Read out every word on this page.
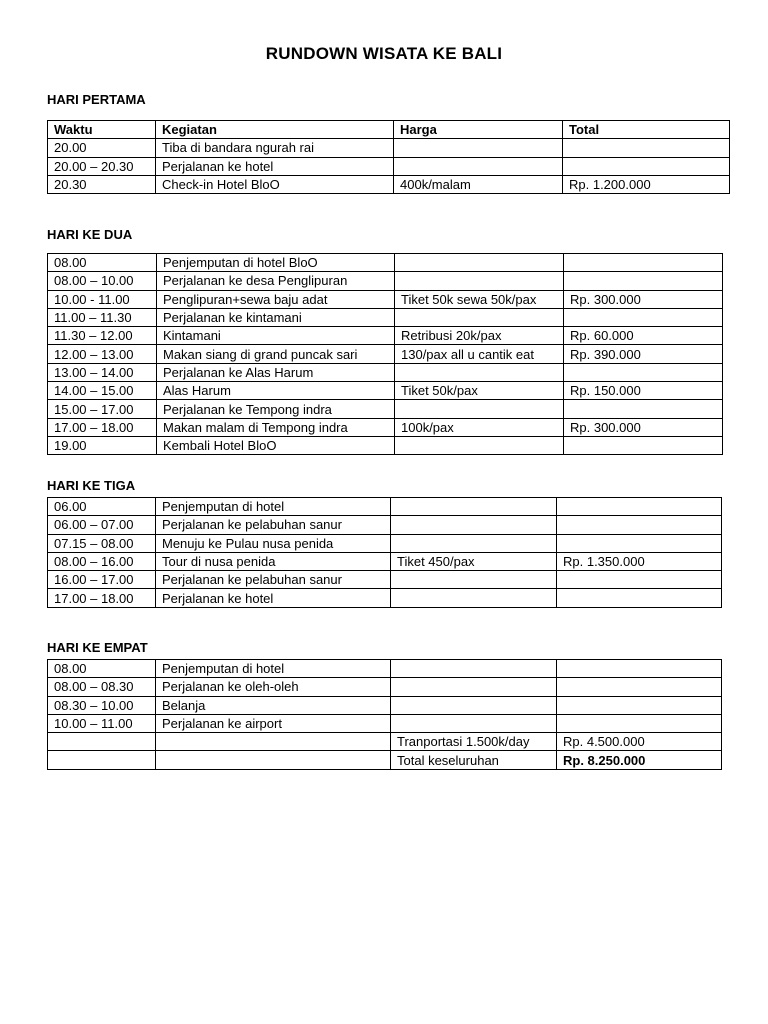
RUNDOWN WISATA KE BALI
HARI PERTAMA
Waktu	Kegiatan	Harga	Total
20.00	Tiba di bandara ngurah rai		
20.00 – 20.30	Perjalanan ke hotel		
20.30	Check-in Hotel BloO	400k/malam	Rp. 1.200.000
HARI KE DUA
08.00	Penjemputan di hotel BloO		
08.00 – 10.00	Perjalanan ke desa Penglipuran		
10.00 - 11.00	Penglipuran+sewa baju adat	Tiket 50k sewa 50k/pax	Rp. 300.000
11.00 – 11.30	Perjalanan ke kintamani		
11.30 – 12.00	Kintamani	Retribusi 20k/pax	Rp. 60.000
12.00 – 13.00	Makan siang di grand puncak sari	130/pax all u cantik eat	Rp. 390.000
13.00 – 14.00	Perjalanan ke Alas Harum		
14.00 – 15.00	Alas Harum	Tiket 50k/pax	Rp. 150.000
15.00 – 17.00	Perjalanan ke Tempong indra		
17.00 – 18.00	Makan malam di Tempong indra	100k/pax	Rp. 300.000
19.00	Kembali Hotel BloO		
HARI KE TIGA
06.00	Penjemputan di hotel		
06.00 – 07.00	Perjalanan ke pelabuhan sanur		
07.15 – 08.00	Menuju ke Pulau nusa penida		
08.00 – 16.00	Tour di nusa penida	Tiket 450/pax	Rp. 1.350.000
16.00 – 17.00	Perjalanan ke pelabuhan sanur		
17.00 – 18.00	Perjalanan ke hotel		
HARI KE EMPAT
08.00	Penjemputan di hotel		
08.00 – 08.30	Perjalanan ke oleh-oleh		
08.30 – 10.00	Belanja		
10.00 – 11.00	Perjalanan ke airport		
		Tranportasi 1.500k/day	Rp. 4.500.000
		Total keseluruhan	Rp. 8.250.000
